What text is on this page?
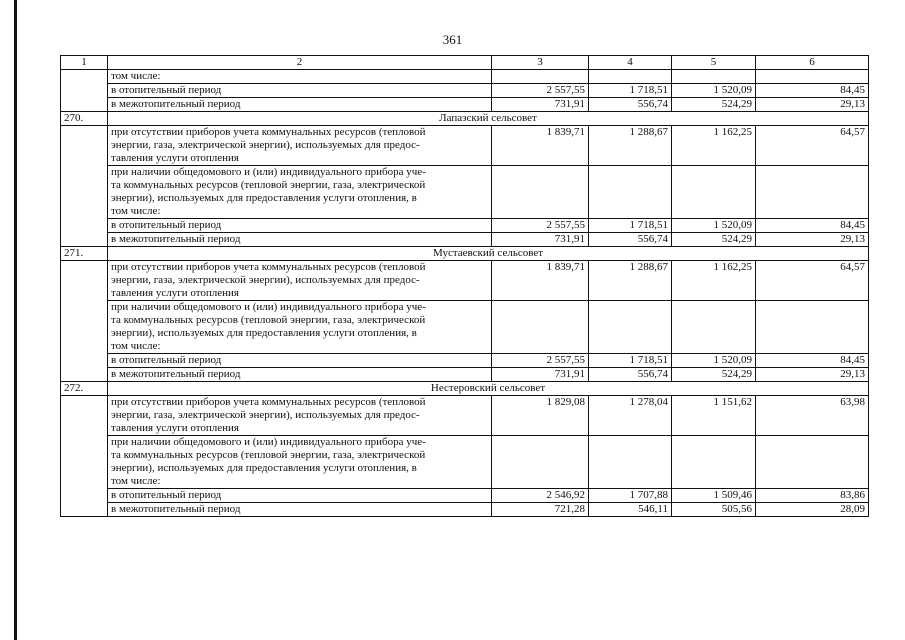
361
1	2	3	4	5	6
	том числе:				
	в отопительный период	2 557,55	1 718,51	1 520,09	84,45
	в межотопительный период	731,91	556,74	524,29	29,13
270.	Лапазский сельсовет				

	при отсутствии приборов учета коммунальных ресурсов (тепловой
энергии, газа, электрической энергии), используемых для предос-
тавления услуги отопления	1 839,71	1 288,67	1 162,25	64,57

	при наличии общедомового и (или) индивидуального прибора уче-
та коммунальных ресурсов (тепловой энергии, газа, электрической
энергии), используемых для предоставления услуги отопления, в
том числе:				

	в отопительный период	2 557,55	1 718,51	1 520,09	84,45
	в межотопительный период	731,91	556,74	524,29	29,13
271.	Мустаевский сельсовет				

	при отсутствии приборов учета коммунальных ресурсов (тепловой
энергии, газа, электрической энергии), используемых для предос-
тавления услуги отопления	1 839,71	1 288,67	1 162,25	64,57

	при наличии общедомового и (или) индивидуального прибора уче-
та коммунальных ресурсов (тепловой энергии, газа, электрической
энергии), используемых для предоставления услуги отопления, в
том числе:				

	в отопительный период	2 557,55	1 718,51	1 520,09	84,45
	в межотопительный период	731,91	556,74	524,29	29,13
272.	Нестеровский сельсовет				

	при отсутствии приборов учета коммунальных ресурсов (тепловой
энергии, газа, электрической энергии), используемых для предос-
тавления услуги отопления	1 829,08	1 278,04	1 151,62	63,98

	при наличии общедомового и (или) индивидуального прибора уче-
та коммунальных ресурсов (тепловой энергии, газа, электрической
энергии), используемых для предоставления услуги отопления, в
том числе:				

	в отопительный период	2 546,92	1 707,88	1 509,46	83,86
	в межотопительный период	721,28	546,11	505,56	28,09
